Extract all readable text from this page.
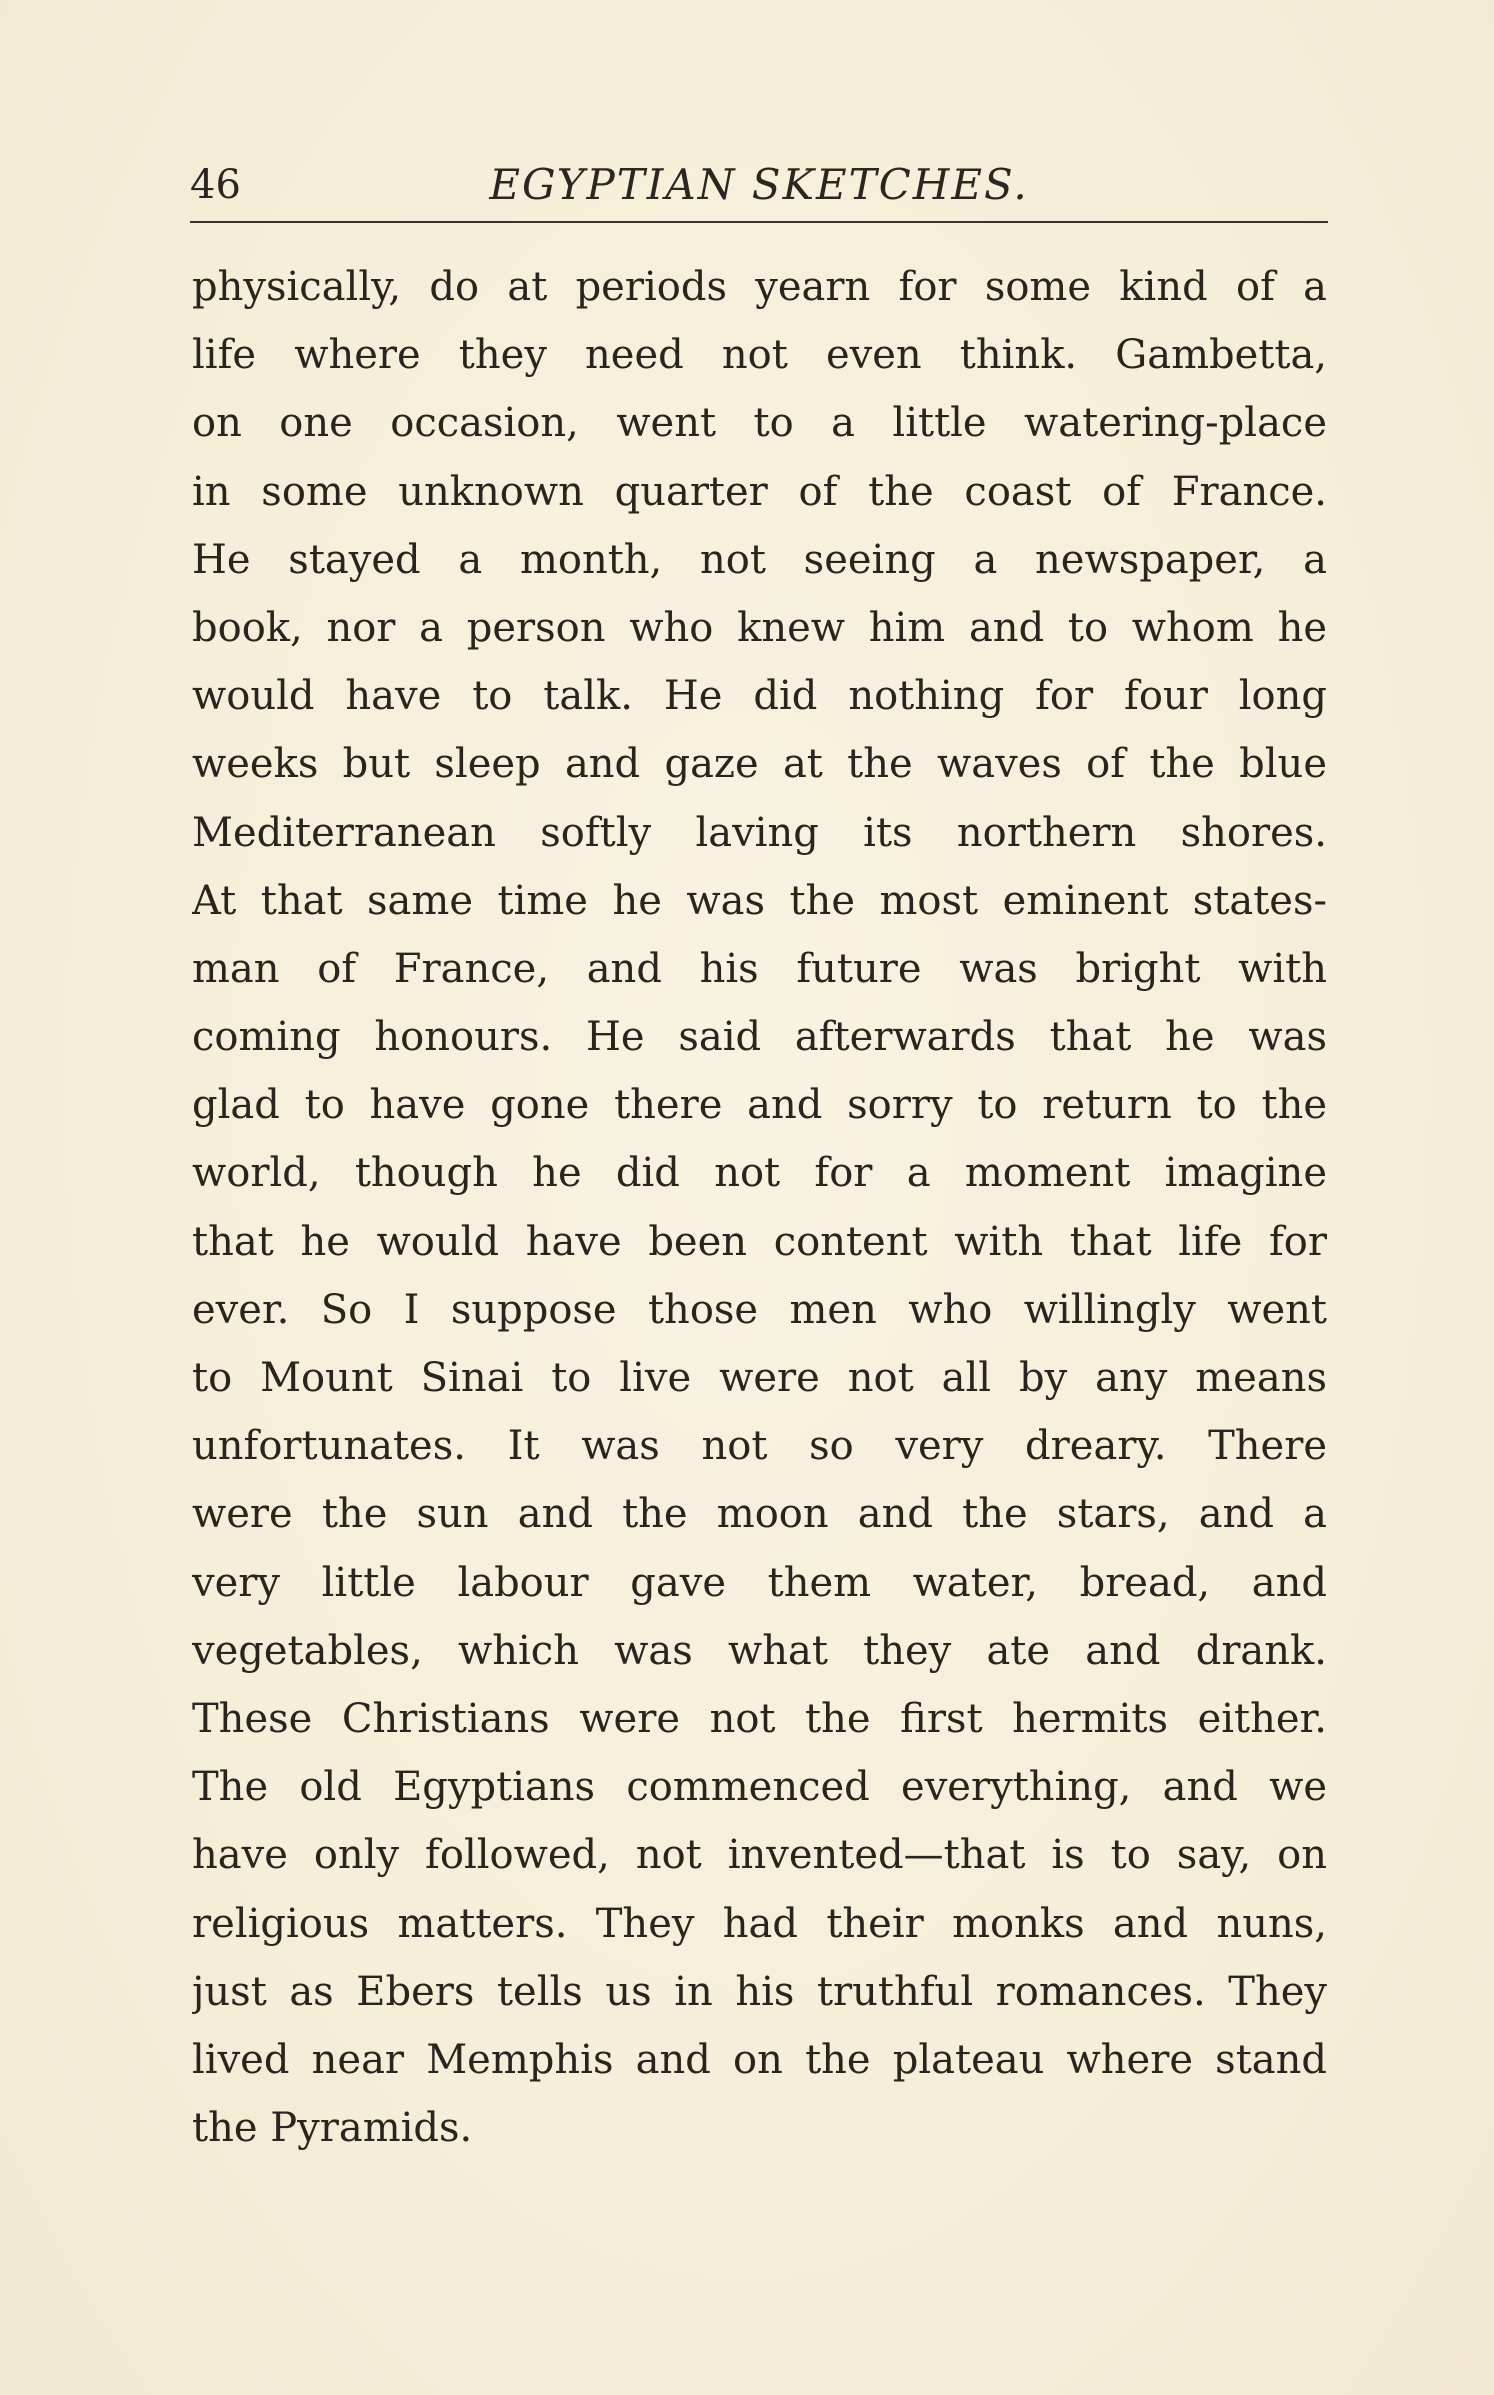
46	EGYPTIAN SKETCHES.
physically, do at periods yearn for some kind of a
life where they need not even think. Gambetta,
on one occasion, went to a little watering-place
in some unknown quarter of the coast of France.
He stayed a month, not seeing a newspaper, a
book, nor a person who knew him and to whom he
would have to talk. He did nothing for four long
weeks but sleep and gaze at the waves of the blue
Mediterranean softly laving its northern shores.
At that same time he was the most eminent states-
man of France, and his future was bright with
coming honours. He said afterwards that he was
glad to have gone there and sorry to return to the
world, though he did not for a moment imagine
that he would have been content with that life for
ever. So I suppose those men who willingly went
to Mount Sinai to live were not all by any means
unfortunates. It was not so very dreary. There
were the sun and the moon and the stars, and a
very little labour gave them water, bread, and
vegetables, which was what they ate and drank.
These Christians were not the first hermits either.
The old Egyptians commenced everything, and we
have only followed, not invented—that is to say, on
religious matters. They had their monks and nuns,
just as Ebers tells us in his truthful romances. They
lived near Memphis and on the plateau where stand
the Pyramids.
